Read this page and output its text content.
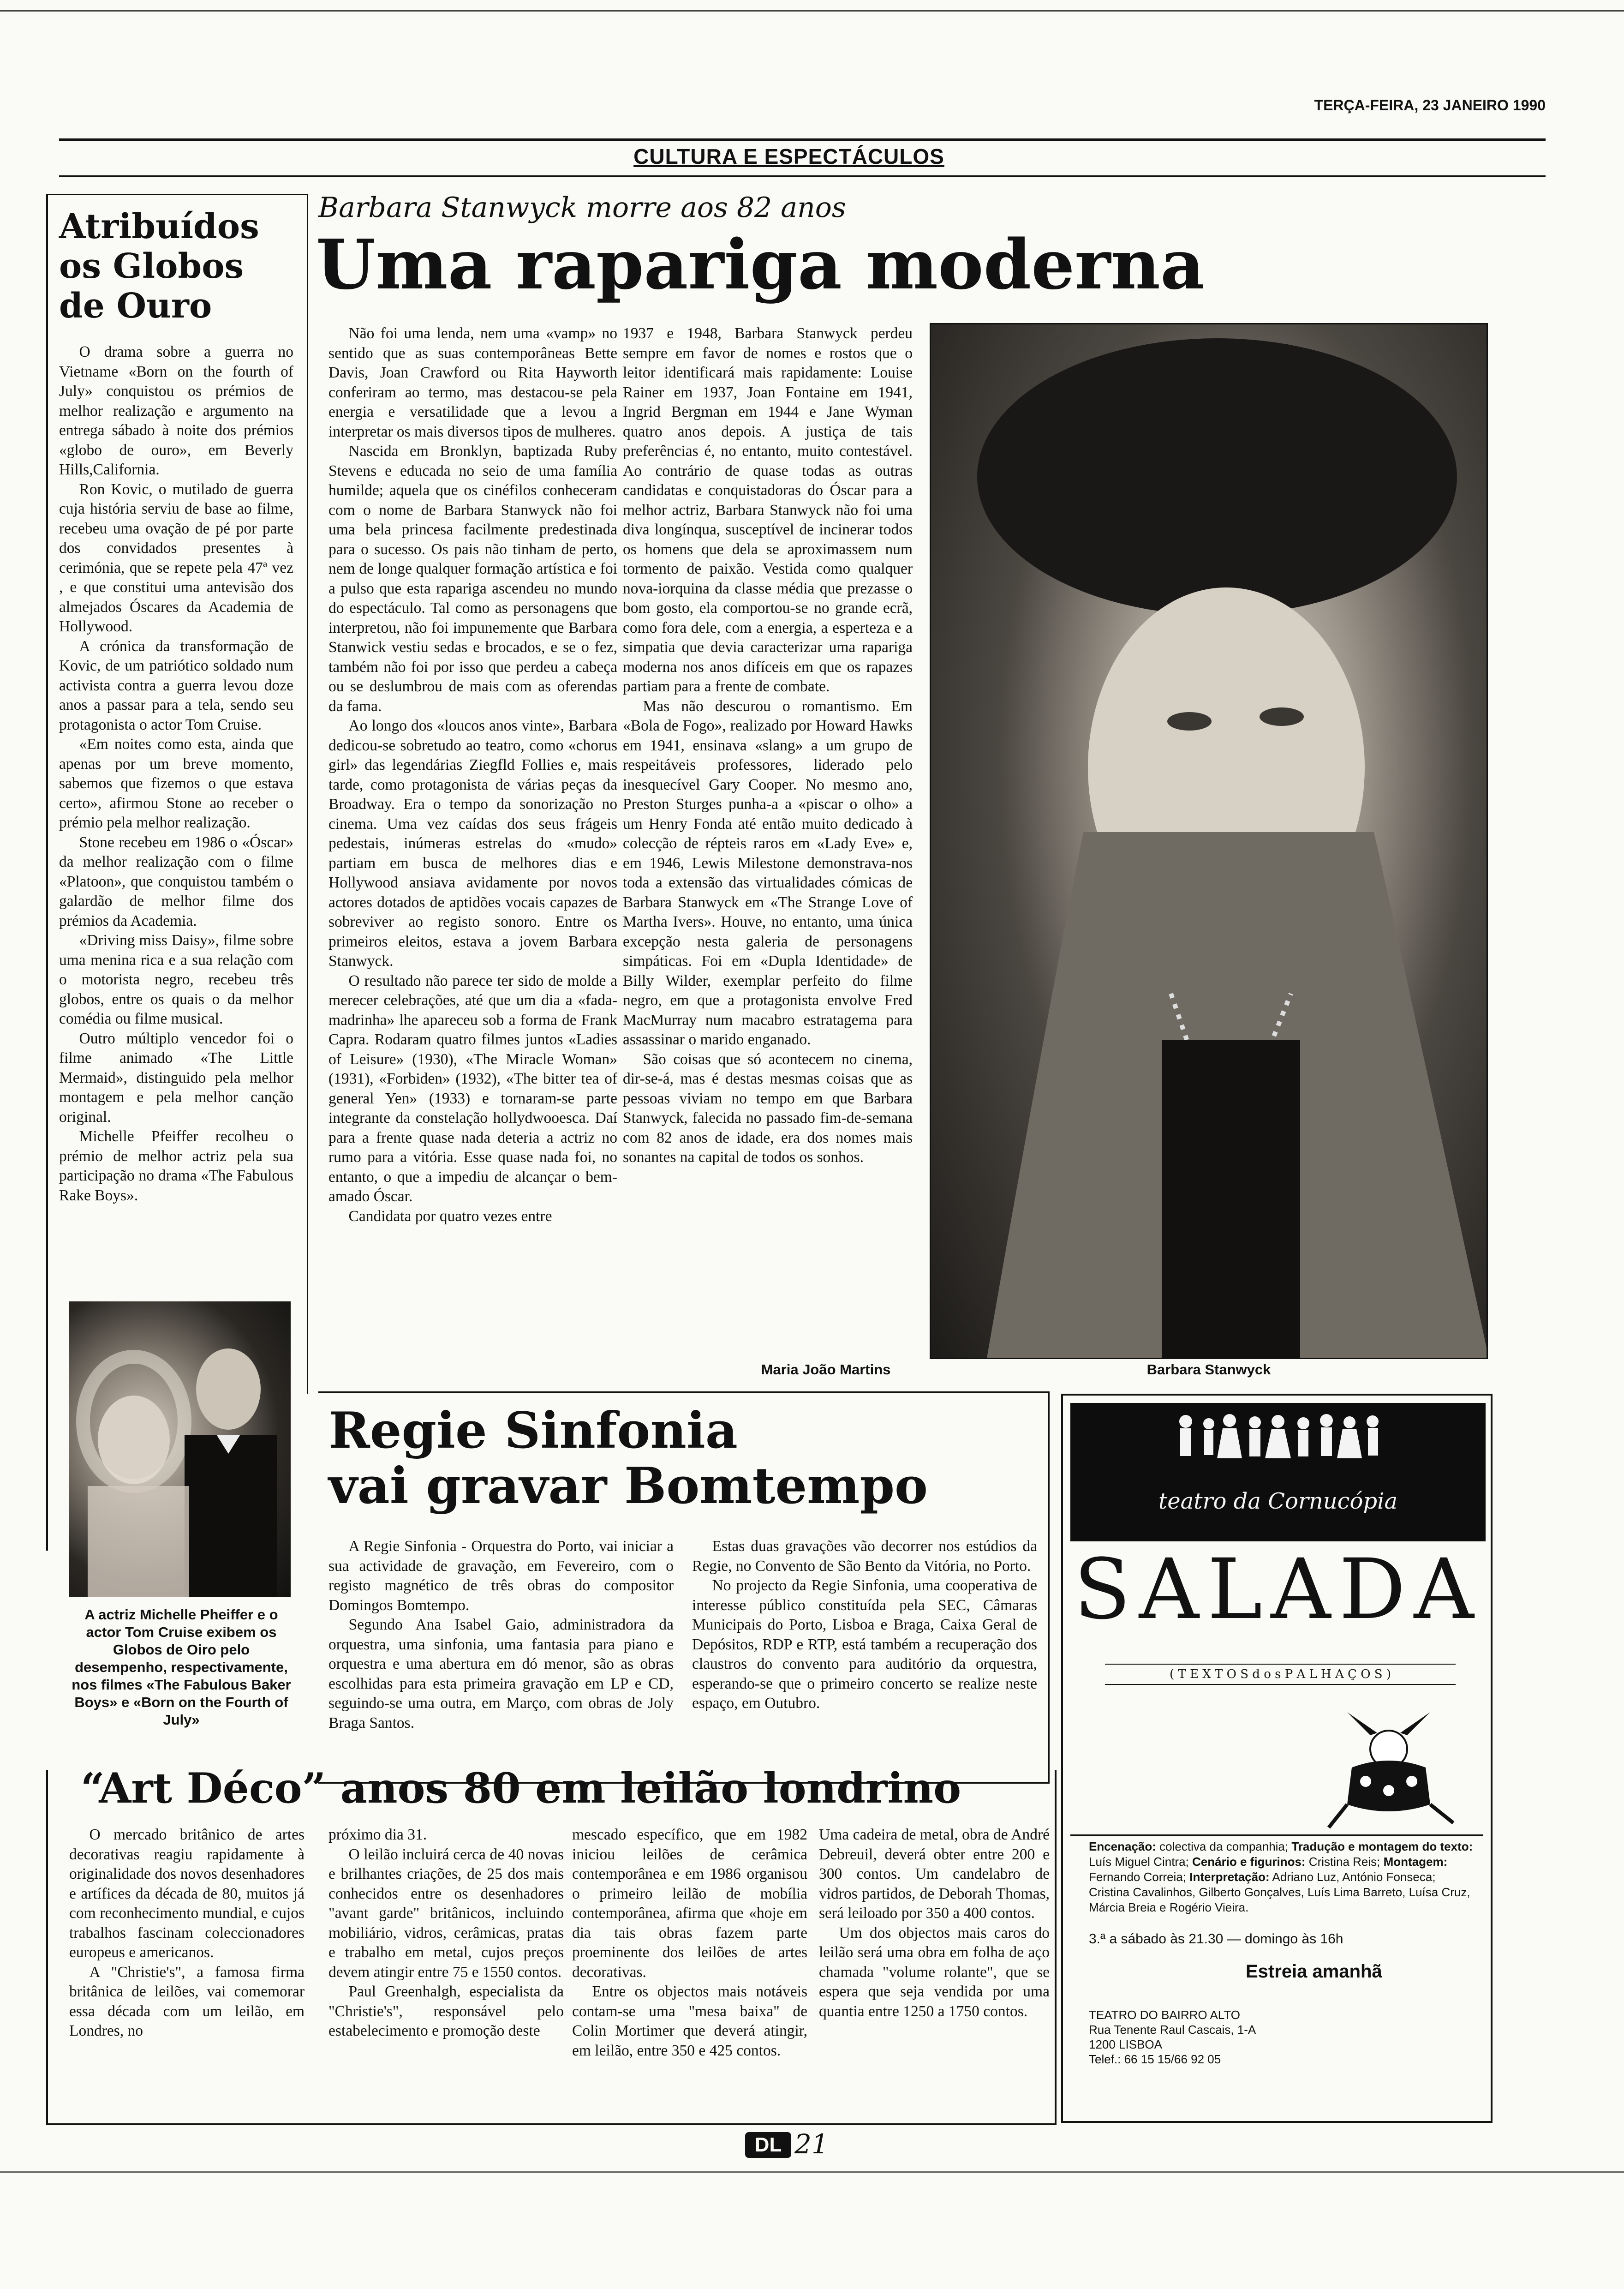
TERÇA-FEIRA, 23 JANEIRO 1990
CULTURA E ESPECTÁCULOS
Atribuídos
os Globos
de Ouro

O drama sobre a guerra no Vietname «Born on the fourth of July» conquistou os prémios de melhor realização e argumento na entrega sábado à noite dos prémios «globo de ouro», em Beverly Hills,California.

Ron Kovic, o mutilado de guerra cuja história serviu de base ao filme, recebeu uma ovação de pé por parte dos convidados presentes à cerimónia, que se repete pela 47ª vez , e que constitui uma antevisão dos almejados Óscares da Academia de Hollywood.

A crónica da transformação de Kovic, de um patriótico soldado num activista contra a guerra levou doze anos a passar para a tela, sendo seu protagonista o actor Tom Cruise.

«Em noites como esta, ainda que apenas por um breve momento, sabemos que fizemos o que estava certo», afirmou Stone ao receber o prémio pela melhor realização.

Stone recebeu em 1986 o «Óscar» da melhor realização com o filme «Platoon», que conquistou também o galardão de melhor filme dos prémios da Academia.

«Driving miss Daisy», filme sobre uma menina rica e a sua relação com o motorista negro, recebeu três globos, entre os quais o da melhor comédia ou filme musical.

Outro múltiplo vencedor foi o filme animado «The Little Mermaid», distinguido pela melhor montagem e pela melhor canção original.

Michelle Pfeiffer recolheu o prémio de melhor actriz pela sua participação no drama «The Fabulous Rake Boys».

A actriz Michelle Pheiffer e o actor Tom Cruise exibem os Globos de Oiro pelo desempenho, respectivamente, nos filmes «The Fabulous Baker Boys» e «Born on the Fourth of July»
Barbara Stanwyck morre aos 82 anos
Uma rapariga moderna

Não foi uma lenda, nem uma «vamp» no sentido que as suas contemporâneas Bette Davis, Joan Crawford ou Rita Hayworth conferiram ao termo, mas destacou-se pela energia e versatilidade que a levou a interpretar os mais diversos tipos de mulheres.

Nascida em Bronklyn, baptizada Ruby Stevens e educada no seio de uma família humilde; aquela que os cinéfilos conheceram com o nome de Barbara Stanwyck não foi uma bela princesa facilmente predestinada para o sucesso. Os pais não tinham de perto, nem de longe qualquer formação artística e foi a pulso que esta rapariga ascendeu no mundo do espectáculo. Tal como as personagens que interpretou, não foi impunemente que Barbara Stanwick vestiu sedas e brocados, e se o fez, também não foi por isso que perdeu a cabeça ou se deslumbrou de mais com as oferendas da fama.

Ao longo dos «loucos anos vinte», Barbara dedicou-se sobretudo ao teatro, como «chorus girl» das legendárias Ziegfld Follies e, mais tarde, como protagonista de várias peças da Broadway. Era o tempo da sonorização no cinema. Uma vez caídas dos seus frágeis pedestais, inúmeras estrelas do «mudo» partiam em busca de melhores dias e Hollywood ansiava avidamente por novos actores dotados de aptidões vocais capazes de sobreviver ao registo sonoro. Entre os primeiros eleitos, estava a jovem Barbara Stanwyck.

O resultado não parece ter sido de molde a merecer celebrações, até que um dia a «fada-madrinha» lhe apareceu sob a forma de Frank Capra. Rodaram quatro filmes juntos «Ladies of Leisure» (1930), «The Miracle Woman» (1931), «Forbiden» (1932), «The bitter tea of general Yen» (1933) e tornaram-se parte integrante da constelação hollydwooesca. Daí para a frente quase nada deteria a actriz no rumo para a vitória. Esse quase nada foi, no entanto, o que a impediu de alcançar o bem-amado Óscar.

Candidata por quatro vezes entre

1937 e 1948, Barbara Stanwyck perdeu sempre em favor de nomes e rostos que o leitor identificará mais rapidamente: Louise Rainer em 1937, Joan Fontaine em 1941, Ingrid Bergman em 1944 e Jane Wyman quatro anos depois. A justiça de tais preferências é, no entanto, muito contestável. Ao contrário de quase todas as outras candidatas e conquistadoras do Óscar para a melhor actriz, Barbara Stanwyck não foi uma diva longínqua, susceptível de incinerar todos os homens que dela se aproximassem num tormento de paixão. Vestida como qualquer nova-iorquina da classe média que prezasse o bom gosto, ela comportou-se no grande ecrã, como fora dele, com a energia, a esperteza e a simpatia que devia caracterizar uma rapariga moderna nos anos difíceis em que os rapazes partiam para a frente de combate.

Mas não descurou o romantismo. Em «Bola de Fogo», realizado por Howard Hawks em 1941, ensinava «slang» a um grupo de respeitáveis professores, liderado pelo inesquecível Gary Cooper. No mesmo ano, Preston Sturges punha-a a «piscar o olho» a um Henry Fonda até então muito dedicado à colecção de répteis raros em «Lady Eve» e, em 1946, Lewis Milestone demonstrava-nos toda a extensão das virtualidades cómicas de Barbara Stanwyck em «The Strange Love of Martha Ivers». Houve, no entanto, uma única excepção nesta galeria de personagens simpáticas. Foi em «Dupla Identidade» de Billy Wilder, exemplar perfeito do filme negro, em que a protagonista envolve Fred MacMurray num macabro estratagema para assassinar o marido enganado.

São coisas que só acontecem no cinema, dir-se-á, mas é destas mesmas coisas que as pessoas viviam no tempo em que Barbara Stanwyck, falecida no passado fim-de-semana com 82 anos de idade, era dos nomes mais sonantes na capital de todos os sonhos.

Maria João Martins	Barbara Stanwyck
Regie Sinfonia
vai gravar Bomtempo

A Regie Sinfonia - Orquestra do Porto, vai iniciar a sua actividade de gravação, em Fevereiro, com o registo magnético de três obras do compositor Domingos Bomtempo.

Segundo Ana Isabel Gaio, administradora da orquestra, uma sinfonia, uma fantasia para piano e orquestra e uma abertura em dó menor, são as obras escolhidas para esta primeira gravação em LP e CD, seguindo-se uma outra, em Março, com obras de Joly Braga Santos.

Estas duas gravações vão decorrer nos estúdios da Regie, no Convento de São Bento da Vitória, no Porto.

No projecto da Regie Sinfonia, uma cooperativa de interesse público constituída pela SEC, Câmaras Municipais do Porto, Lisboa e Braga, Caixa Geral de Depósitos, RDP e RTP, está também a recuperação dos claustros do convento para auditório da orquestra, esperando-se que o primeiro concerto se realize neste espaço, em Outubro.

“Art Déco” anos 80 em leilão londrino

O mercado britânico de artes decorativas reagiu rapidamente à originalidade dos novos desenhadores e artífices da década de 80, muitos já com reconhecimento mundial, e cujos trabalhos fascinam coleccionadores europeus e americanos.

A "Christie's", a famosa firma britânica de leilões, vai comemorar essa década com um leilão, em Londres, no

próximo dia 31.

O leilão incluirá cerca de 40 novas e brilhantes criações, de 25 dos mais conhecidos entre os desenhadores "avant garde" britânicos, incluindo mobiliário, vidros, cerâmicas, pratas e trabalho em metal, cujos preços devem atingir entre 75 e 1550 contos.

Paul Greenhalgh, especialista da "Christie's", responsável pelo estabelecimento e promoção deste

mescado específico, que em 1982 iniciou leilões de cerâmica contemporânea e em 1986 organisou o primeiro leilão de mobília contemporânea, afirma que «hoje em dia tais obras fazem parte proeminente dos leilões de artes decorativas.

Entre os objectos mais notáveis contam-se uma "mesa baixa" de Colin Mortimer que deverá atingir, em leilão, entre 350 e 425 contos.

Uma cadeira de metal, obra de André Debreuil, deverá obter entre 200 e 300 contos. Um candelabro de vidros partidos, de Deborah Thomas, será leiloado por 350 a 400 contos.

Um dos objectos mais caros do leilão será uma obra em folha de aço chamada "volume rolante", que se espera que seja vendida por uma quantia entre 1250 a 1750 contos.

teatro da Cornucópia
SALADA
( T E X T O S d o s P A L H A Ç O S )
Encenação: colectiva da companhia; Tradução e montagem do texto: Luís Miguel Cintra; Cenário e figurinos: Cristina Reis; Montagem: Fernando Correia; Interpretação: Adriano Luz, António Fonseca; Cristina Cavalinhos, Gilberto Gonçalves, Luís Lima Barreto, Luísa Cruz, Márcia Breia e Rogério Vieira.
3.ª a sábado às 21.30 — domingo às 16h
Estreia amanhã
TEATRO DO BAIRRO ALTO
Rua Tenente Raul Cascais, 1-A
1200 LISBOA
Telef.: 66 15 15/66 92 05
DL 21
